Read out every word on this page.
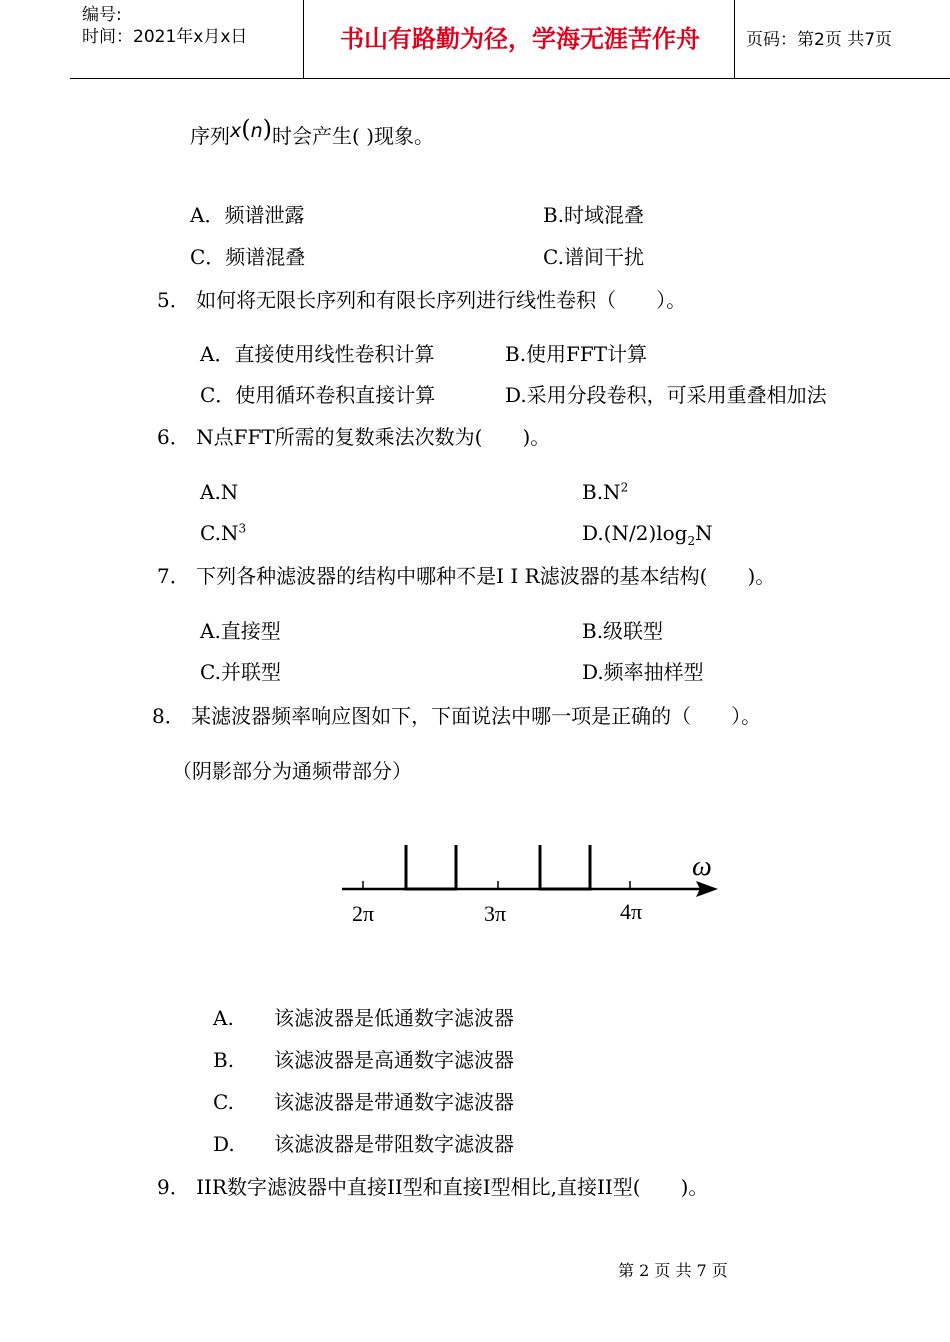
编号:
时间：2021年x月x日	书山有路勤为径，学海无涯苦作舟	页码：第2页 共7页
序列x(n)时会产生( )现象。
A．频谱泄露	B.时域混叠
C．频谱混叠	C.谱间干扰
5． 如何将无限长序列和有限长序列进行线性卷积（　　）。
A．直接使用线性卷积计算	B.使用FFT计算
C．使用循环卷积直接计算	D.采用分段卷积，可采用重叠相加法
6． N点FFT所需的复数乘法次数为(　　)。
A.N	$B.N^2$
$C.N^3$	$D.(N/2)\log_2N$
7． 下列各种滤波器的结构中哪种不是I I R滤波器的基本结构(　　)。
A.直接型	B.级联型
C.并联型	D.频率抽样型
8． 某滤波器频率响应图如下，下面说法中哪一项是正确的（　　）。
（阴影部分为通频带部分）
2π	3π	4π
ω
A. 该滤波器是低通数字滤波器
B. 该滤波器是高通数字滤波器
C. 该滤波器是带通数字滤波器
D. 该滤波器是带阻数字滤波器
9． IIR数字滤波器中直接II型和直接I型相比,直接II型(　　)。
第 2 页 共 7 页
